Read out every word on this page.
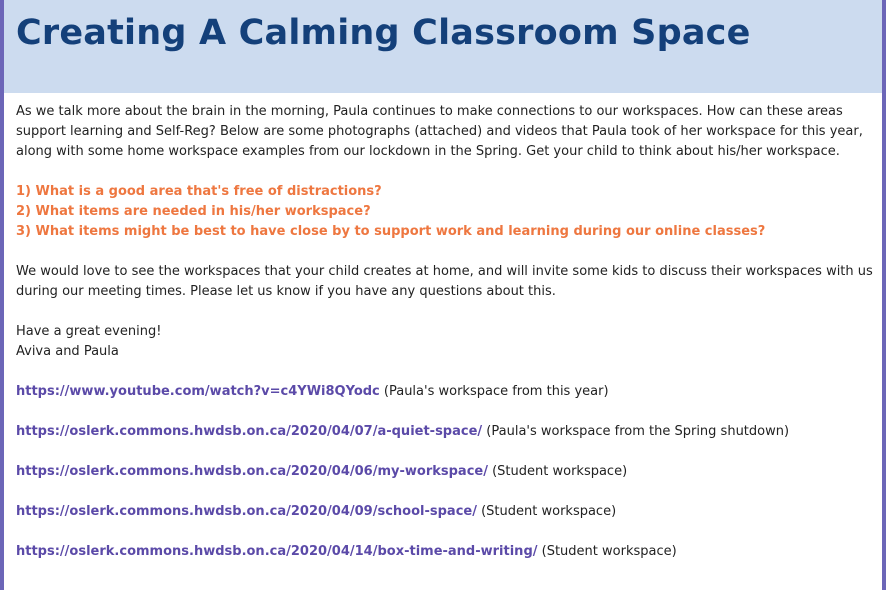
Creating A Calming Classroom Space

As we talk more about the brain in the morning, Paula continues to make connections to our workspaces. How can these areas support learning and Self-Reg? Below are some photographs (attached) and videos that Paula took of her workspace for this year, along with some home workspace examples from our lockdown in the Spring. Get your child to think about his/her workspace.

1) What is a good area that's free of distractions?
2) What items are needed in his/her workspace?
3) What items might be best to have close by to support work and learning during our online classes?

We would love to see the workspaces that your child creates at home, and will invite some kids to discuss their workspaces with us during our meeting times. Please let us know if you have any questions about this.

Have a great evening!

Aviva and Paula

https://www.youtube.com/watch?v=c4YWi8QYodc (Paula's workspace from this year)
https://oslerk.commons.hwdsb.on.ca/2020/04/07/a-quiet-space/ (Paula's workspace from the Spring shutdown)
https://oslerk.commons.hwdsb.on.ca/2020/04/06/my-workspace/ (Student workspace)
https://oslerk.commons.hwdsb.on.ca/2020/04/09/school-space/ (Student workspace)
https://oslerk.commons.hwdsb.on.ca/2020/04/14/box-time-and-writing/ (Student workspace)
